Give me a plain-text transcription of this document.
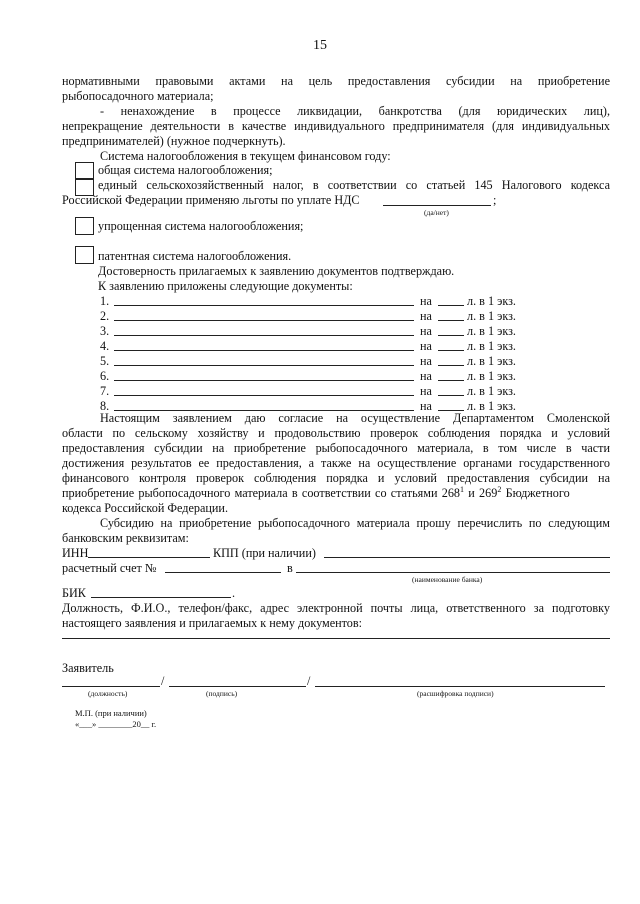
15
нормативными правовыми актами на цель предоставления субсидии на приобретение
рыбопосадочного материала;
- ненахождение в процессе ликвидации, банкротства (для юридических лиц),
непрекращение деятельности в качестве индивидуального предпринимателя (для индивидуальных
предпринимателей) (нужное подчеркнуть).
Система налогообложения в текущем финансовом году:
общая система налогообложения;
единый сельскохозяйственный налог, в соответствии со статьей 145 Налогового кодекса
Российской Федерации применяю льготы по уплате НДС	;
(да/нет)
упрощенная система налогообложения;
патентная система налогообложения.
Достоверность прилагаемых к заявлению документов подтверждаю.
К заявлению приложены следующие документы:
1.	на	л. в 1 экз.
2.	на	л. в 1 экз.
3.	на	л. в 1 экз.
4.	на	л. в 1 экз.
5.	на	л. в 1 экз.
6.	на	л. в 1 экз.
7.	на	л. в 1 экз.
8.	на	л. в 1 экз.
Настоящим заявлением даю согласие на осуществление Департаментом Смоленской
области по сельскому хозяйству и продовольствию проверок соблюдения порядка и условий
предоставления субсидии на приобретение рыбопосадочного материала, в том числе в части
достижения результатов ее предоставления, а также на осуществление органами государственного
финансового контроля проверок соблюдения порядка и условий предоставления субсидии на
приобретение рыбопосадочного материала в соответствии со статьями $268^1$ и $269^2$ Бюджетного
кодекса Российской Федерации.
Субсидию на приобретение рыбопосадочного материала прошу перечислить по следующим
банковским реквизитам:
ИНН	КПП (при наличии)
расчетный счет №	в
(наименование банка)
БИК	.
Должность, Ф.И.О., телефон/факс, адрес электронной почты лица, ответственного за подготовку
настоящего заявления и прилагаемых к нему документов:
Заявитель
/	/
(должность)	(подпись)	(расшифровка подписи)
М.П. (при наличии)
«___» ________20__ г.
